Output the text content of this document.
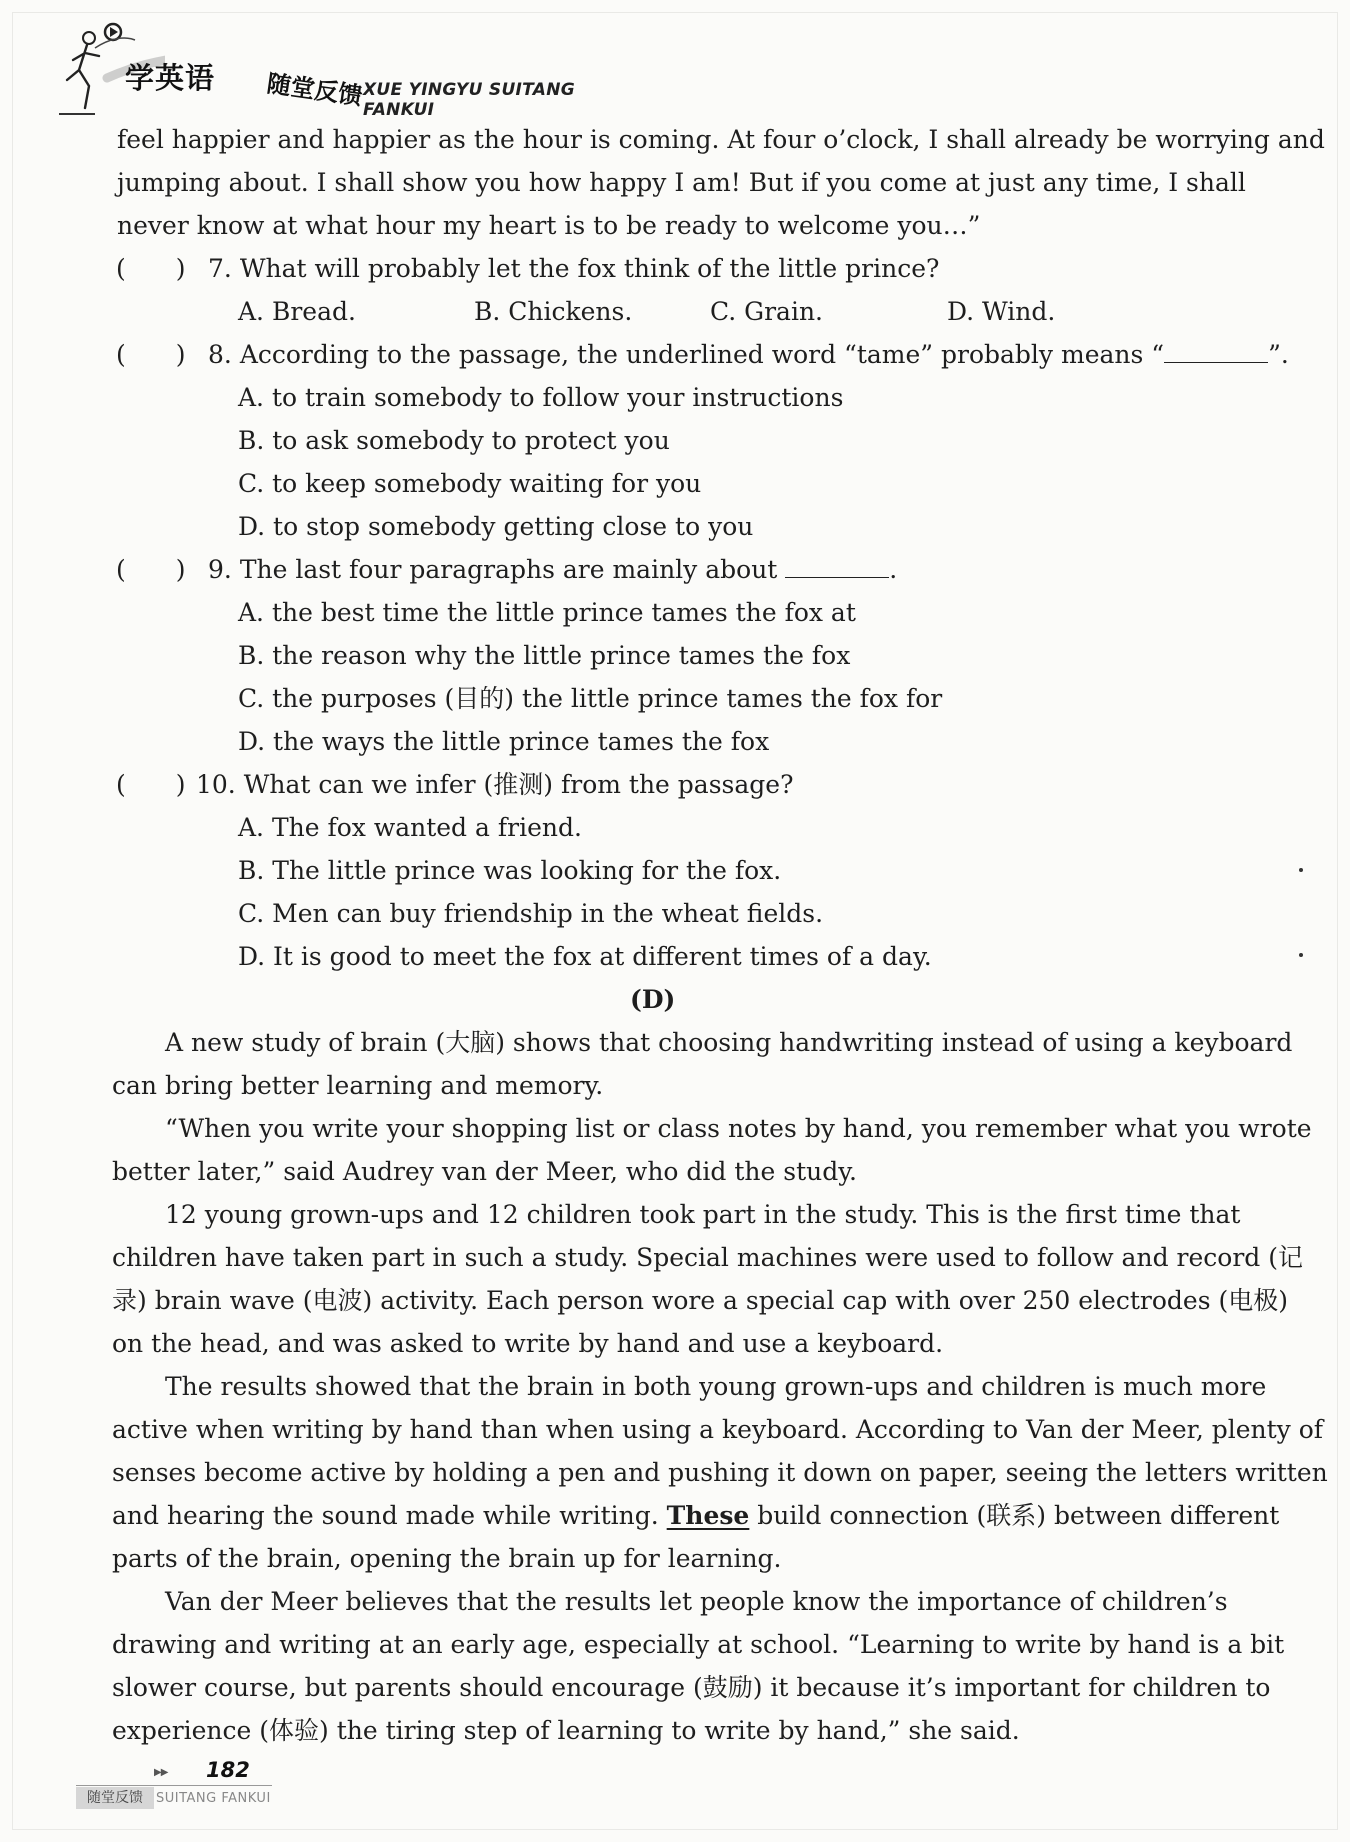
学英语 随堂反馈
XUE YINGYU SUITANG FANKUI
feel happier and happier as the hour is coming. At four o’clock, I shall already be worrying and
jumping about. I shall show you how happy I am! But if you come at just any time, I shall
never know at what hour my heart is to be ready to welcome you…”
(　　) 7. What will probably let the fox think of the little prince?
A. Bread.	B. Chickens.	C. Grain.	D. Wind.
(　　) 8. According to the passage, the underlined word “tame” probably means “	”.
A. to train somebody to follow your instructions
B. to ask somebody to protect you
C. to keep somebody waiting for you
D. to stop somebody getting close to you
(　　) 9. The last four paragraphs are mainly about	.
A. the best time the little prince tames the fox at
B. the reason why the little prince tames the fox
C. the purposes (目的) the little prince tames the fox for
D. the ways the little prince tames the fox
(　　) 10. What can we infer (推测) from the passage?
A. The fox wanted a friend.
B. The little prince was looking for the fox.
C. Men can buy friendship in the wheat fields.
D. It is good to meet the fox at different times of a day.
(D)
A new study of brain (大脑) shows that choosing handwriting instead of using a keyboard
can bring better learning and memory.
“When you write your shopping list or class notes by hand, you remember what you wrote
better later,” said Audrey van der Meer, who did the study.
12 young grown-ups and 12 children took part in the study. This is the first time that
children have taken part in such a study. Special machines were used to follow and record (记
录) brain wave (电波) activity. Each person wore a special cap with over 250 electrodes (电极)
on the head, and was asked to write by hand and use a keyboard.
The results showed that the brain in both young grown-ups and children is much more
active when writing by hand than when using a keyboard. According to Van der Meer, plenty of
senses become active by holding a pen and pushing it down on paper, seeing the letters written
and hearing the sound made while writing. These build connection (联系) between different
parts of the brain, opening the brain up for learning.
Van der Meer believes that the results let people know the importance of children’s
drawing and writing at an early age, especially at school. “Learning to write by hand is a bit
slower course, but parents should encourage (鼓励) it because it’s important for children to
experience (体验) the tiring step of learning to write by hand,” she said.
▶▶ 182
随堂反馈	SUITANG FANKUI
